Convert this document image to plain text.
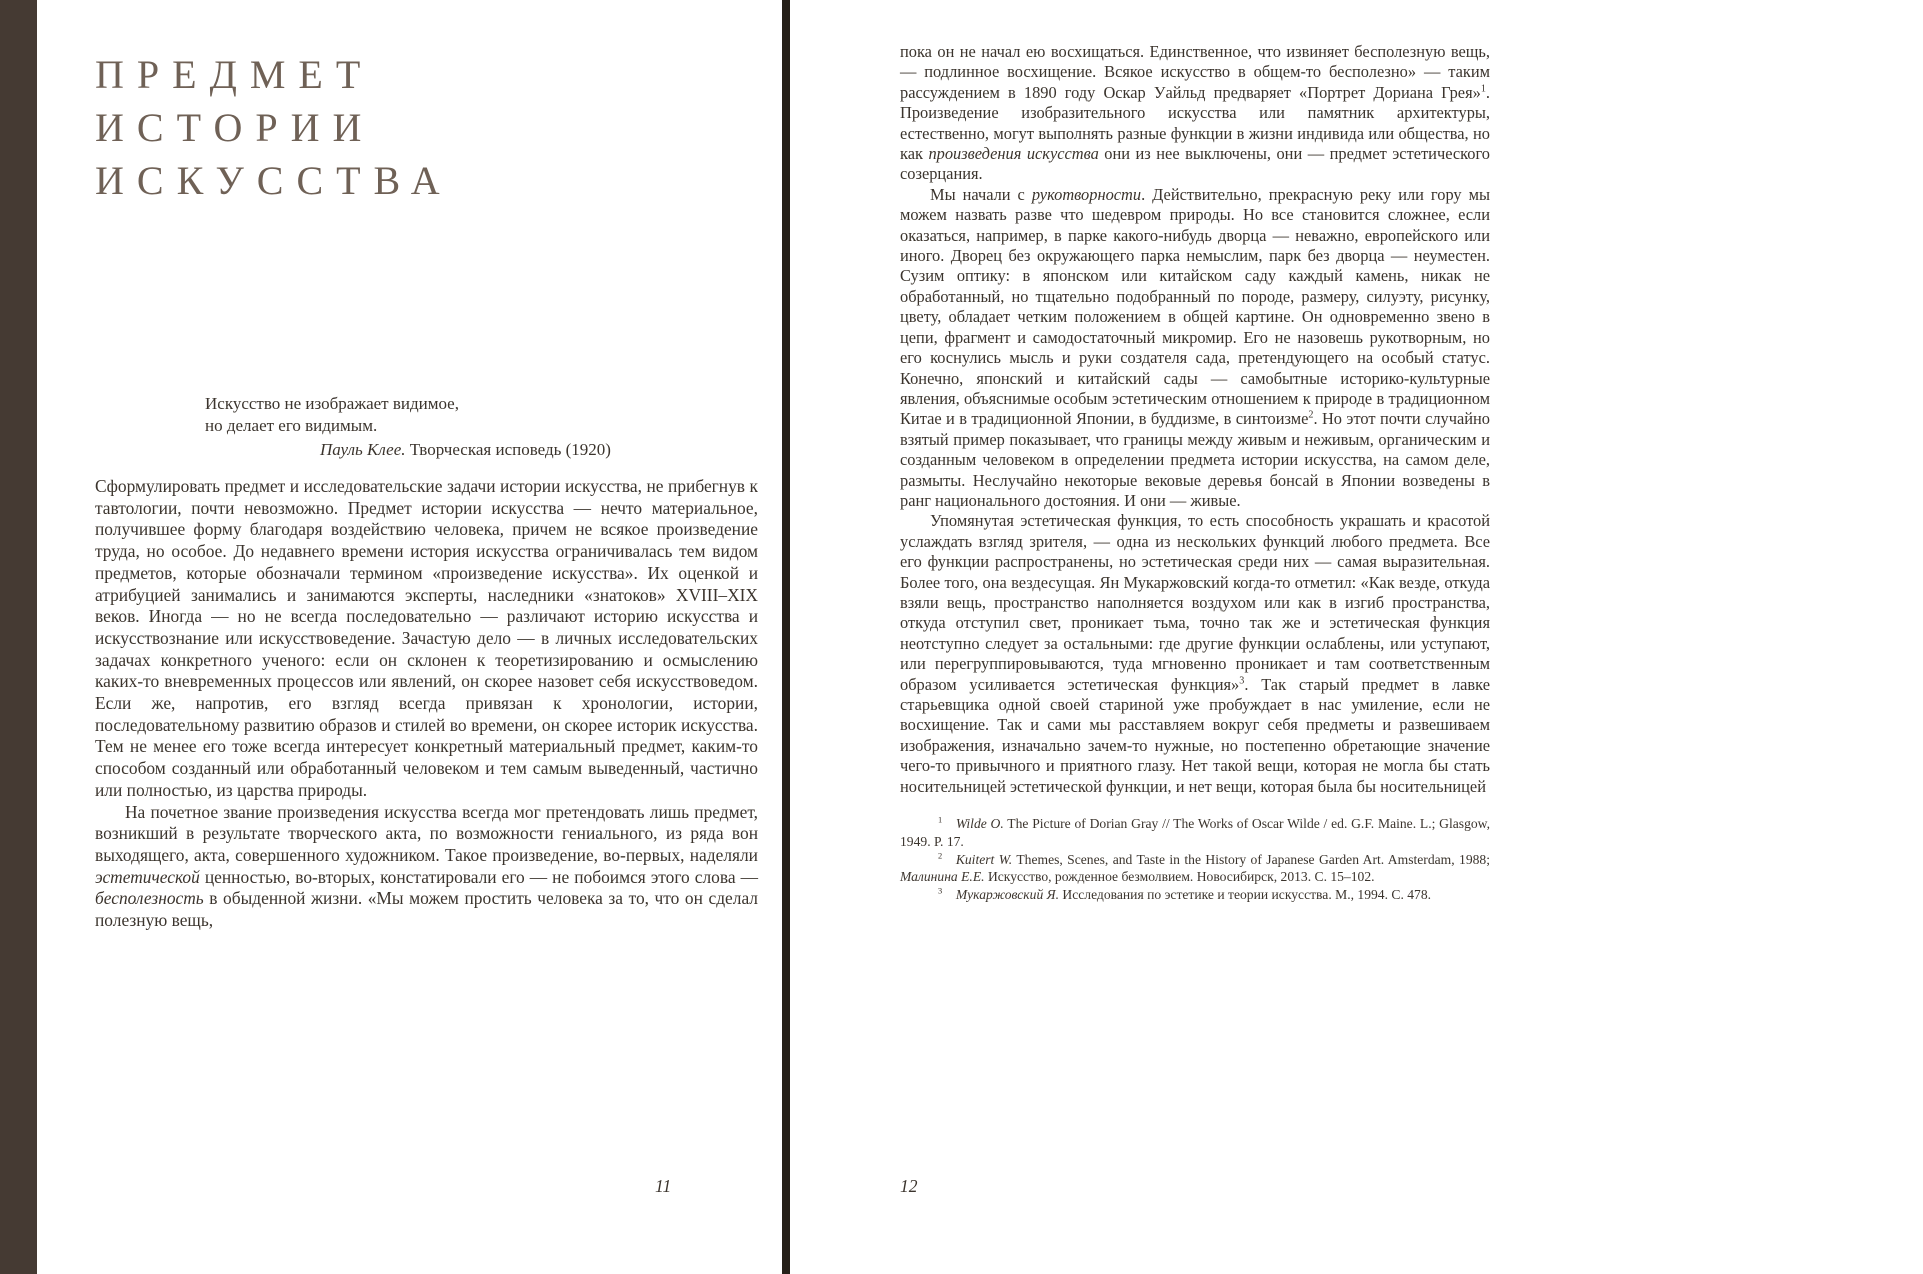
ПРЕДМЕТ
ИСТОРИИ
ИСКУССТВА
Искусство не изображает видимое,
но делает его видимым.
Пауль Клее. Творческая исповедь (1920)

Сформулировать предмет и исследовательские задачи истории искусства, не прибегнув к тавтологии, почти невозможно. Предмет истории искусства — нечто материальное, получившее форму благодаря воздействию человека, причем не всякое произведение труда, но особое. До недавнего времени история искусства ограничивалась тем видом предметов, которые обозначали термином «произведение искусства». Их оценкой и атрибуцией занимались и занимаются эксперты, наследники «знатоков» XVIII–XIX веков. Иногда — но не всегда последовательно — различают историю искусства и искусствознание или искусствоведение. Зачастую дело — в личных исследовательских задачах конкретного ученого: если он склонен к теоретизированию и осмыслению каких-то вневременных процессов или явлений, он скорее назовет себя искусствоведом. Если же, напротив, его взгляд всегда привязан к хронологии, истории, последовательному развитию образов и стилей во времени, он скорее историк искусства. Тем не менее его тоже всегда интересует конкретный материальный предмет, каким-то способом созданный или обработанный человеком и тем самым выведенный, частично или полностью, из царства природы.

На почетное звание произведения искусства всегда мог претендовать лишь предмет, возникший в результате творческого акта, по возможности гениального, из ряда вон выходящего, акта, совершенного художником. Такое произведение, во-первых, наделяли эстетической ценностью, во-вторых, констатировали его — не побоимся этого слова — бесполезность в обыденной жизни. «Мы можем простить человека за то, что он сделал полезную вещь,

11

пока он не начал ею восхищаться. Единственное, что извиняет бесполезную вещь, — подлинное восхищение. Всякое искусство в общем-то бесполезно» — таким рассуждением в 1890 году Оскар Уайльд предваряет «Портрет Дориана Грея»$^1$. Произведение изобразительного искусства или памятник архитектуры, естественно, могут выполнять разные функции в жизни индивида или общества, но как произведения искусства они из нее выключены, они — предмет эстетического созерцания.

Мы начали с рукотворности. Действительно, прекрасную реку или гору мы можем назвать разве что шедевром природы. Но все становится сложнее, если оказаться, например, в парке какого-нибудь дворца — неважно, европейского или иного. Дворец без окружающего парка немыслим, парк без дворца — неуместен. Сузим оптику: в японском или китайском саду каждый камень, никак не обработанный, но тщательно подобранный по породе, размеру, силуэту, рисунку, цвету, обладает четким положением в общей картине. Он одновременно звено в цепи, фрагмент и самодостаточный микромир. Его не назовешь рукотворным, но его коснулись мысль и руки создателя сада, претендующего на особый статус. Конечно, японский и китайский сады — самобытные историко-культурные явления, объяснимые особым эстетическим отношением к природе в традиционном Китае и в традиционной Японии, в буддизме, в синтоизме$^2$. Но этот почти случайно взятый пример показывает, что границы между живым и неживым, органическим и созданным человеком в определении предмета истории искусства, на самом деле, размыты. Неслучайно некоторые вековые деревья бонсай в Японии возведены в ранг национального достояния. И они — живые.

Упомянутая эстетическая функция, то есть способность украшать и красотой услаждать взгляд зрителя, — одна из нескольких функций любого предмета. Все его функции распространены, но эстетическая среди них — самая выразительная. Более того, она вездесущая. Ян Мукаржовский когда-то отметил: «Как везде, откуда взяли вещь, пространство наполняется воздухом или как в изгиб пространства, откуда отступил свет, проникает тьма, точно так же и эстетическая функция неотступно следует за остальными: где другие функции ослаблены, или уступают, или перегруппировываются, туда мгновенно проникает и там соответственным образом усиливается эстетическая функция»$^3$. Так старый предмет в лавке старьевщика одной своей стариной уже пробуждает в нас умиление, если не восхищение. Так и сами мы расставляем вокруг себя предметы и развешиваем изображения, изначально зачем-то нужные, но постепенно обретающие значение чего-то привычного и приятного глазу. Нет такой вещи, которая не могла бы стать носительницей эстетической функции, и нет вещи, которая была бы носительницей

$^1$  Wilde O. The Picture of Dorian Gray // The Works of Oscar Wilde / ed. G.F. Maine. L.; Glasgow, 1949. P. 17.

$^2$  Kuitert W. Themes, Scenes, and Taste in the History of Japanese Garden Art. Amsterdam, 1988; Малинина Е.Е. Искусство, рожденное безмолвием. Новосибирск, 2013. С. 15–102.

$^3$  Мукаржовский Я. Исследования по эстетике и теории искусства. М., 1994. С. 478.

12
